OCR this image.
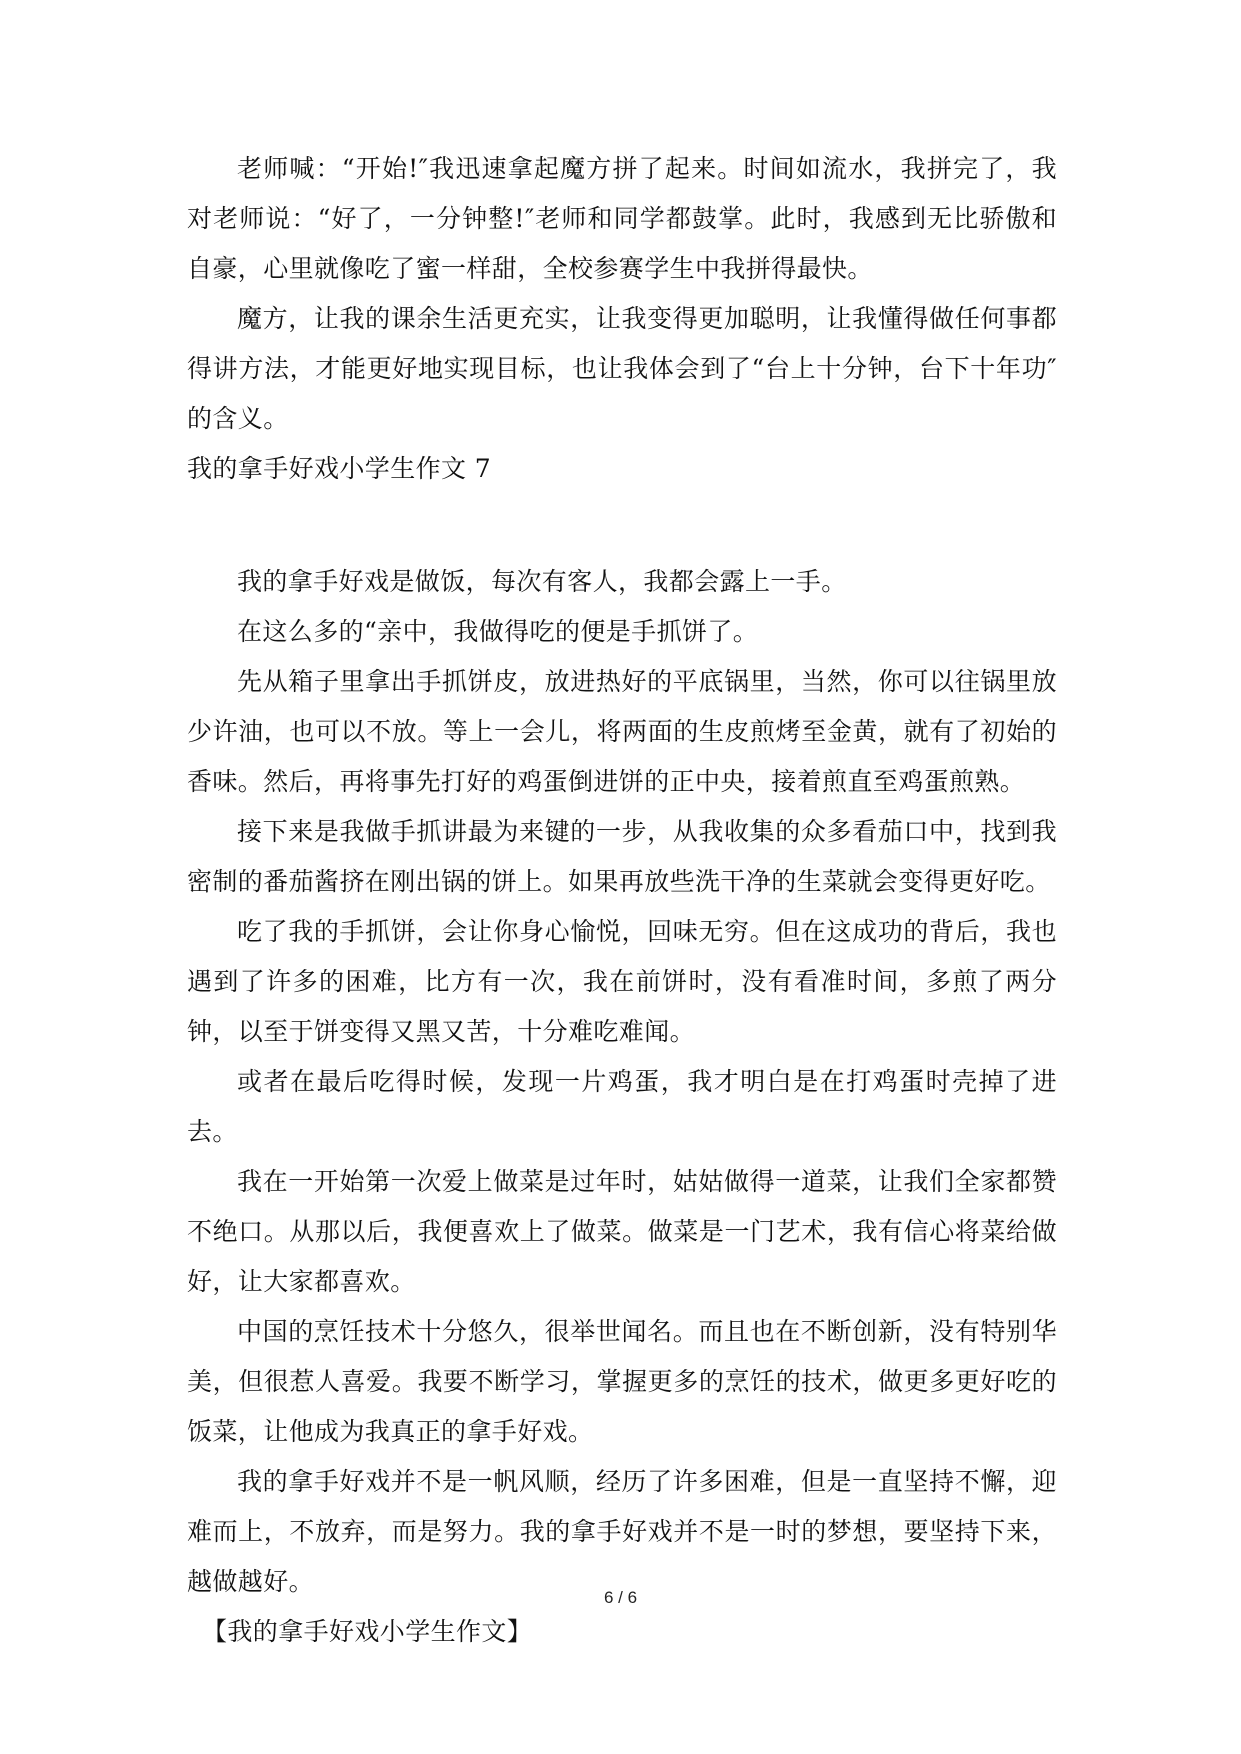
老师喊：“开始!″我迅速拿起魔方拼了起来。时间如流水，我拼完了，我对老师说：“好了，一分钟整!″老师和同学都鼓掌。此时，我感到无比骄傲和自豪，心里就像吃了蜜一样甜，全校参赛学生中我拼得最快。

魔方，让我的课余生活更充实，让我变得更加聪明，让我懂得做任何事都得讲方法，才能更好地实现目标，也让我体会到了“台上十分钟，台下十年功″的含义。

我的拿手好戏小学生作文 7

我的拿手好戏是做饭，每次有客人，我都会露上一手。

在这么多的“亲中，我做得吃的便是手抓饼了。

先从箱子里拿出手抓饼皮，放进热好的平底锅里，当然，你可以往锅里放少许油，也可以不放。等上一会儿，将两面的生皮煎烤至金黄，就有了初始的香味。然后，再将事先打好的鸡蛋倒进饼的正中央，接着煎直至鸡蛋煎熟。

接下来是我做手抓讲最为来键的一步，从我收集的众多看茄口中，找到我密制的番茄酱挤在刚出锅的饼上。如果再放些洗干净的生菜就会变得更好吃。

吃了我的手抓饼，会让你身心愉悦，回味无穷。但在这成功的背后，我也遇到了许多的困难，比方有一次，我在前饼时，没有看准时间，多煎了两分钟，以至于饼变得又黑又苦，十分难吃难闻。

或者在最后吃得时候，发现一片鸡蛋，我才明白是在打鸡蛋时壳掉了进去。

我在一开始第一次爱上做菜是过年时，姑姑做得一道菜，让我们全家都赞不绝口。从那以后，我便喜欢上了做菜。做菜是一门艺术，我有信心将菜给做好，让大家都喜欢。

中国的烹饪技术十分悠久，很举世闻名。而且也在不断创新，没有特别华美，但很惹人喜爱。我要不断学习，掌握更多的烹饪的技术，做更多更好吃的饭菜，让他成为我真正的拿手好戏。

我的拿手好戏并不是一帆风顺，经历了许多困难，但是一直坚持不懈，迎难而上，不放弃，而是努力。我的拿手好戏并不是一时的梦想，要坚持下来，越做越好。

【我的拿手好戏小学生作文】

6 / 6
